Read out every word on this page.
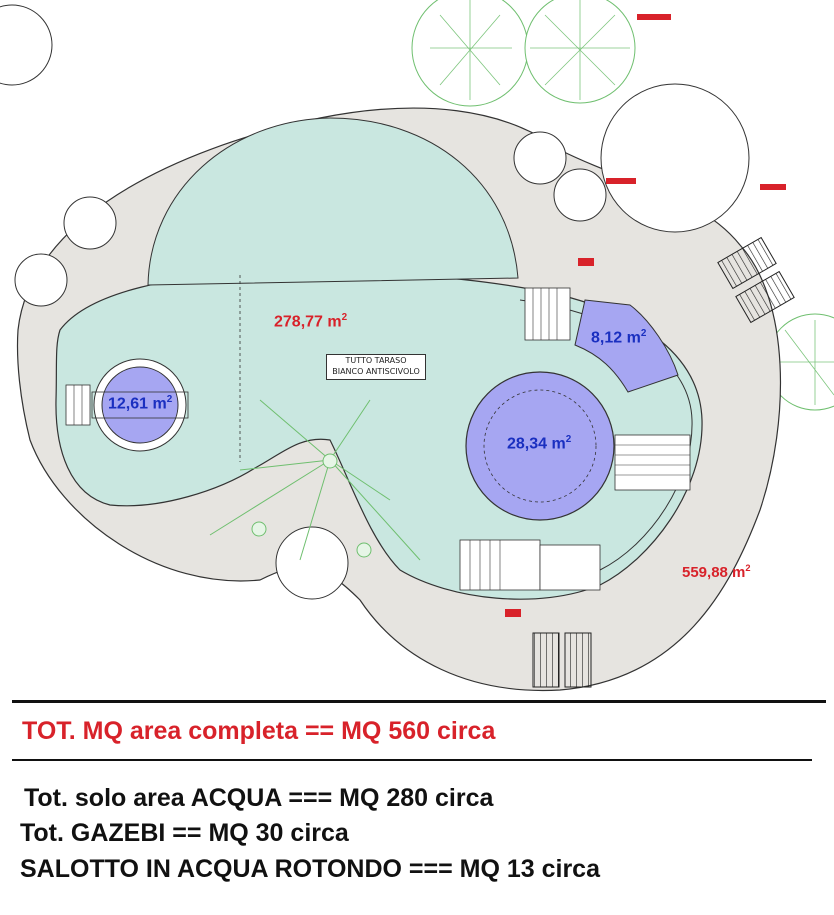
278,77 $m^2$
12,61 $m^2$
8,12 $m^2$
28,34 $m^2$
559,88 $m^2$
TUTTO TARASO
BIANCO ANTISCIVOLO
TOT. MQ area completa == MQ 560 circa
Tot. solo area ACQUA === MQ 280 circa
Tot. GAZEBI == MQ 30 circa
SALOTTO IN ACQUA ROTONDO === MQ 13 circa
